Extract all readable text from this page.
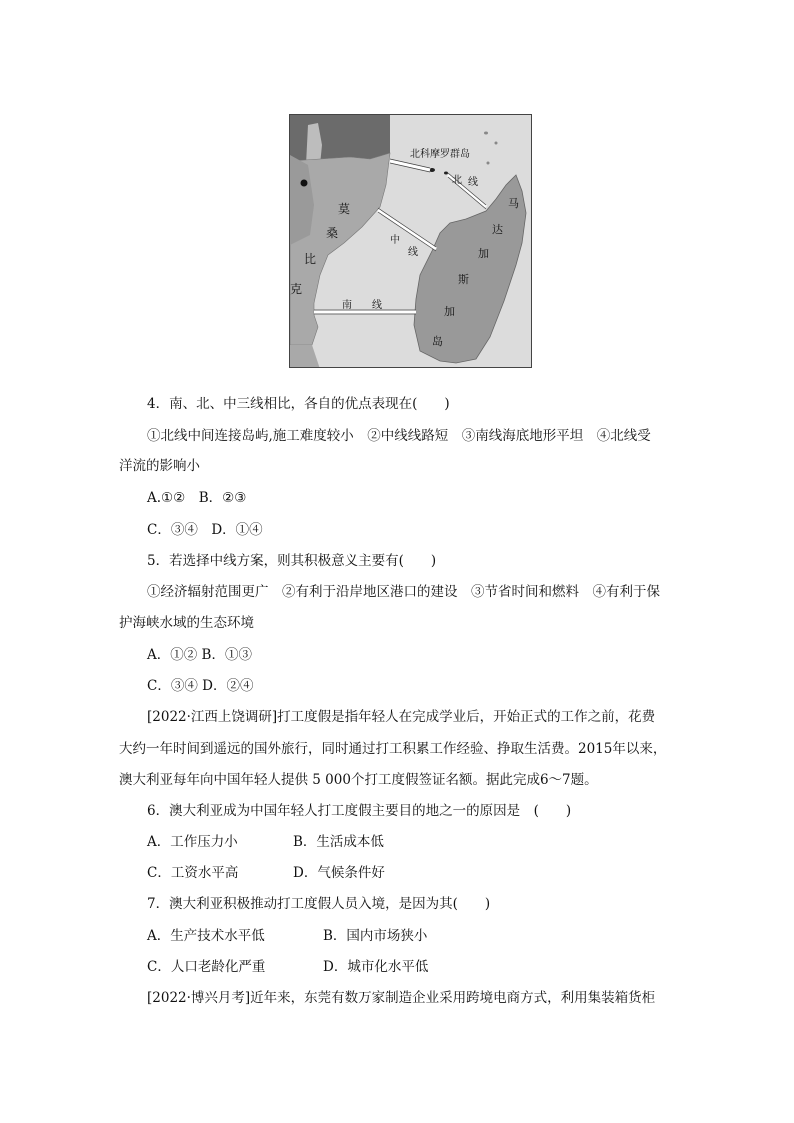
北科摩罗群岛
北 线
中
线
南 线
莫
桑
比
克
马
达
加
斯
加
岛
4．南、北、中三线相比，各自的优点表现在(　　)
①北线中间连接岛屿,施工难度较小　②中线线路短　③南线海底地形平坦　④北线受
洋流的影响小
A.①②　B．②③
C．③④　D．①④
5．若选择中线方案，则其积极意义主要有(　　)
①经济辐射范围更广　②有利于沿岸地区港口的建设　③节省时间和燃料　④有利于保
护海峡水域的生态环境
A．①② B．①③
C．③④ D．②④
[2022·江西上饶调研]打工度假是指年轻人在完成学业后，开始正式的工作之前，花费
大约一年时间到遥远的国外旅行，同时通过打工积累工作经验、挣取生活费。2015年以来，
澳大利亚每年向中国年轻人提供 5 000个打工度假签证名额。据此完成6～7题。
6．澳大利亚成为中国年轻人打工度假主要目的地之一的原因是　(　　)
A．工作压力小	B．生活成本低
C．工资水平高	D．气候条件好
7．澳大利亚积极推动打工度假人员入境，是因为其(　　)
A．生产技术水平低	B．国内市场狭小
C．人口老龄化严重	D．城市化水平低
[2022·博兴月考]近年来，东莞有数万家制造企业采用跨境电商方式，利用集装箱货柜
